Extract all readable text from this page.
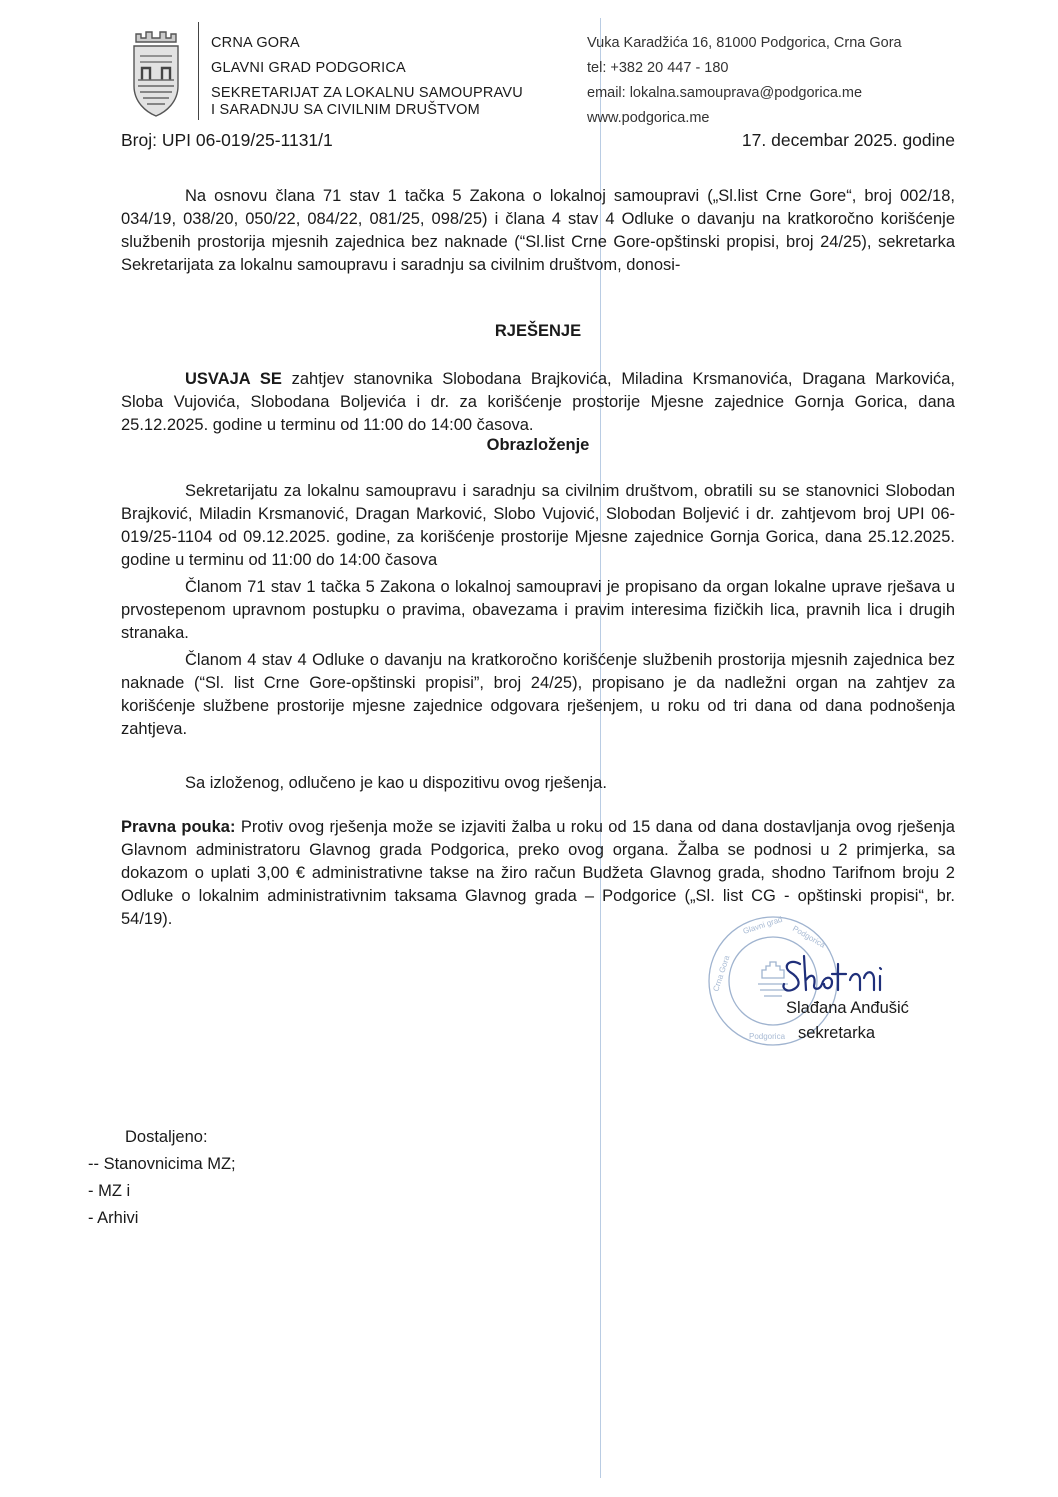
CRNA GORA
GLAVNI GRAD PODGORICA
SEKRETARIJAT ZA LOKALNU SAMOUPRAVU
I SARADNJU SA CIVILNIM DRUŠTVOM
Vuka Karadžića 16, 81000 Podgorica, Crna Gora
tel: +382 20 447 - 180
email: lokalna.samouprava@podgorica.me
www.podgorica.me
Broj: UPI 06-019/25-1131/1	17. decembar 2025. godine
Na osnovu člana 71 stav 1 tačka 5 Zakona o lokalnoj samoupravi („Sl.list Crne Gore“, broj 002/18, 034/19, 038/20, 050/22, 084/22, 081/25, 098/25) i člana 4 stav 4 Odluke o davanju na kratkoročno korišćenje službenih prostorija mjesnih zajednica bez naknade (“Sl.list Crne Gore-opštinski propisi, broj 24/25), sekretarka Sekretarijata za lokalnu samoupravu i saradnju sa civilnim društvom, donosi-
RJEŠENJE
USVAJA SE zahtjev stanovnika Slobodana Brajkovića, Miladina Krsmanovića, Dragana Markovića, Sloba Vujovića, Slobodana Boljevića i dr. za korišćenje prostorije Mjesne zajednice Gornja Gorica, dana 25.12.2025. godine u terminu od 11:00 do 14:00 časova.
Obrazloženje
Sekretarijatu za lokalnu samoupravu i saradnju sa civilnim društvom, obratili su se stanovnici Slobodan Brajković, Miladin Krsmanović, Dragan Marković, Slobo Vujović, Slobodan Boljević i dr. zahtjevom broj UPI 06-019/25-1104 od 09.12.2025. godine, za korišćenje prostorije Mjesne zajednice Gornja Gorica, dana 25.12.2025. godine u terminu od 11:00 do 14:00 časova
Članom 71 stav 1 tačka 5 Zakona o lokalnoj samoupravi je propisano da organ lokalne uprave rješava u prvostepenom upravnom postupku o pravima, obavezama i pravim interesima fizičkih lica, pravnih lica i drugih stranaka.
Članom 4 stav 4 Odluke o davanju na kratkoročno korišćenje službenih prostorija mjesnih zajednica bez naknade (“Sl. list Crne Gore-opštinski propisi”, broj 24/25), propisano je da nadležni organ na zahtjev za korišćenje službene prostorije mjesne zajednice odgovara rješenjem, u roku od tri dana od dana podnošenja zahtjeva.
Sa izloženog, odlučeno je kao u dispozitivu ovog rješenja.
Pravna pouka: Protiv ovog rješenja može se izjaviti žalba u roku od 15 dana od dana dostavljanja ovog rješenja Glavnom administratoru Glavnog grada Podgorica, preko ovog organa. Žalba se podnosi u 2 primjerka, sa dokazom o uplati 3,00 € administrativne takse na žiro račun Budžeta Glavnog grada, shodno Tarifnom broju 2 Odluke o lokalnim administrativnim taksama Glavnog grada – Podgorice („Sl. list CG - opštinski propisi“, br. 54/19).
Crna Gora
Glavni grad Podgorica
Podgorica
Slađana Anđušić
sekretarka
Dostaljeno:
-- Stanovnicima MZ;
- MZ i
- Arhivi
